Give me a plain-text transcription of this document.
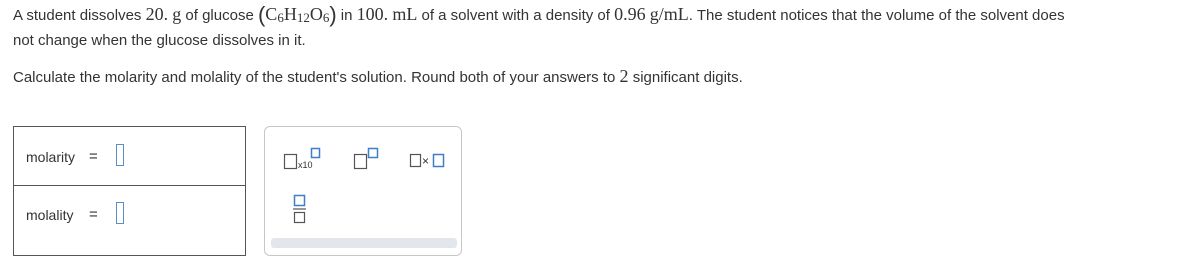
A student dissolves 20. g of glucose $(C_6H_{12}O_6)$ in 100. mL of a solvent with a density of 0.96 g/mL. The student notices that the volume of the solvent does
not change when the glucose dissolves in it.
Calculate the molarity and molality of the student's solution. Round both of your answers to 2 significant digits.
molarity =
molality =
x10	×
